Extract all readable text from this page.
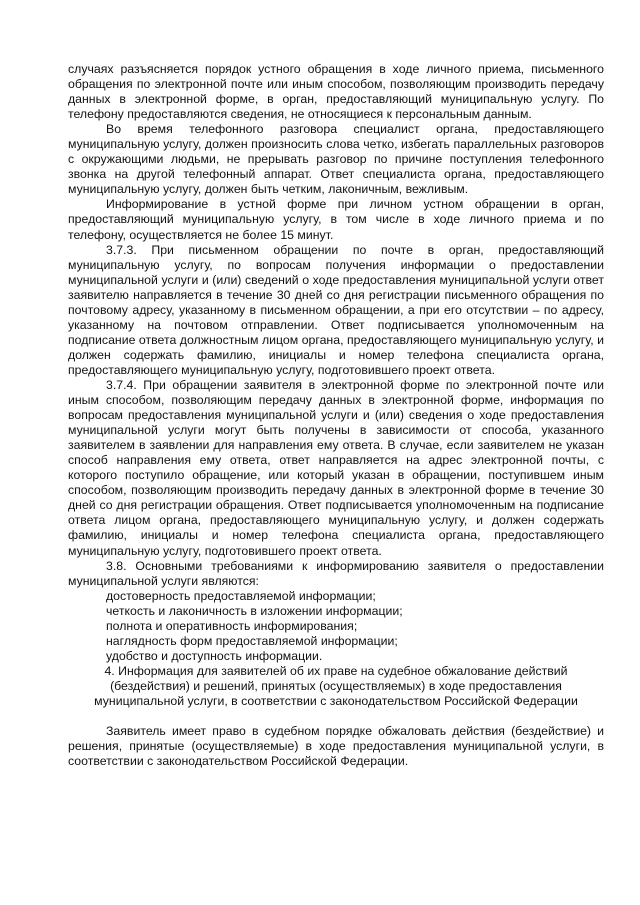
случаях разъясняется порядок устного обращения в ходе личного приема, письменного обращения по электронной почте или иным способом, позволяющим производить передачу данных в электронной форме, в орган, предоставляющий муниципальную услугу. По телефону предоставляются сведения, не относящиеся к персональным данным.

Во время телефонного разговора специалист органа, предоставляющего муниципальную услугу, должен произносить слова четко, избегать параллельных разговоров с окружающими людьми, не прерывать разговор по причине поступления телефонного звонка на другой телефонный аппарат. Ответ специалиста органа, предоставляющего муниципальную услугу, должен быть четким, лаконичным, вежливым.

Информирование в устной форме при личном устном обращении в орган, предоставляющий муниципальную услугу, в том числе в ходе личного приема и по телефону, осуществляется не более 15 минут.

3.7.3. При письменном обращении по почте в орган, предоставляющий муниципальную услугу, по вопросам получения информации о предоставлении муниципальной услуги и (или) сведений о ходе предоставления муниципальной услуги ответ заявителю направляется в течение 30 дней со дня регистрации письменного обращения по почтовому адресу, указанному в письменном обращении, а при его отсутствии – по адресу, указанному на почтовом отправлении. Ответ подписывается уполномоченным на подписание ответа должностным лицом органа, предоставляющего муниципальную услугу, и должен содержать фамилию, инициалы и номер телефона специалиста органа, предоставляющего муниципальную услугу, подготовившего проект ответа.

3.7.4. При обращении заявителя в электронной форме по электронной почте или иным способом, позволяющим передачу данных в электронной форме, информация по вопросам предоставления муниципальной услуги и (или) сведения о ходе предоставления муниципальной услуги могут быть получены в зависимости от способа, указанного заявителем в заявлении для направления ему ответа. В случае, если заявителем не указан способ направления ему ответа, ответ направляется на адрес электронной почты, с которого поступило обращение, или который указан в обращении, поступившем иным способом, позволяющим производить передачу данных в электронной форме в течение 30 дней со дня регистрации обращения. Ответ подписывается уполномоченным на подписание ответа лицом органа, предоставляющего муниципальную услугу, и должен содержать фамилию, инициалы и номер телефона специалиста органа, предоставляющего муниципальную услугу, подготовившего проект ответа.

3.8. Основными требованиями к информированию заявителя о предоставлении муниципальной услуги являются:

достоверность предоставляемой информации;
четкость и лаконичность в изложении информации;
полнота и оперативность информирования;
наглядность форм предоставляемой информации;
удобство и доступность информации.

4. Информация для заявителей об их праве на судебное обжалование действий (бездействия) и решений, принятых (осуществляемых) в ходе предоставления муниципальной услуги, в соответствии с законодательством Российской Федерации

Заявитель имеет право в судебном порядке обжаловать действия (бездействие) и решения, принятые (осуществляемые) в ходе предоставления муниципальной услуги, в соответствии с законодательством Российской Федерации.
